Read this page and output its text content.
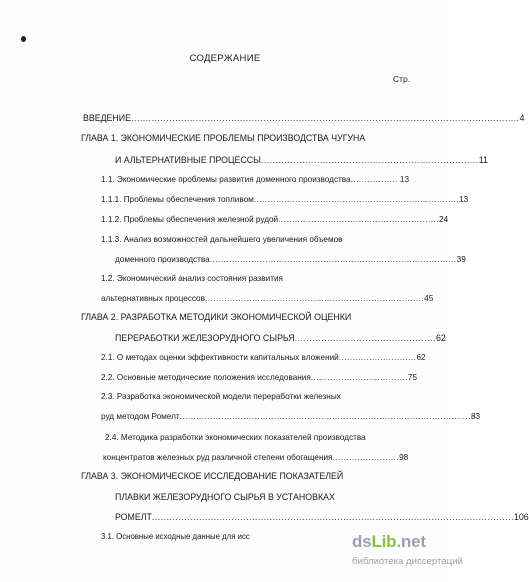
СОДЕРЖАНИЕ
Стр.
ВВЕДЕНИЕ .................................................................................................................................... 4
ГЛАВА 1. ЭКОНОМИЧЕСКИЕ ПРОБЛЕМЫ ПРОИЗВОДСТВА ЧУГУНА
И АЛЬТЕРНАТИВНЫЕ ПРОЦЕССЫ .......................................................................... 11
1.1. Экономические проблемы развития доменного производства ................. 13
1.1.1. Проблемы обеспечения топливом .......................................................................... 13
1.1.2. Проблемы обеспечения железной рудой .......................................................... 24
1.1.3. Анализ возможностей дальнейшего увеличения объемов
доменного производства ......................................................................................... 39
1.2. Экономический анализ состояния развития
альтернативных процессов ............................................................................... 45
ГЛАВА 2. РАЗРАБОТКА МЕТОДИКИ ЭКОНОМИЧЕСКОЙ ОЦЕНКИ
ПЕРЕРАБОТКИ ЖЕЛЕЗОРУДНОГО СЫРЬЯ ................................................ 62
2.1. О методах оценки эффективности капитальных вложений ............................ 62
2.2. Основные методические положения исследования ................................... 75
2.3. Разработка экономической модели переработки железных
руд методом Ромелт ......................................................................................................... 83
2.4. Методика разработки экономических показателей производства
концентратов железных руд различной степени обогащения ........................ 98
ГЛАВА 3. ЭКОНОМИЧЕСКОЕ ИССЛЕДОВАНИЕ ПОКАЗАТЕЛЕЙ
ПЛАВКИ ЖЕЛЕЗОРУДНОГО СЫРЬЯ В УСТАНОВКАХ
РОМЕЛТ ........................................................................................................................... 106
3.1. Основные исходные данные для исс	dsLib.net
библиотека диссертаций
